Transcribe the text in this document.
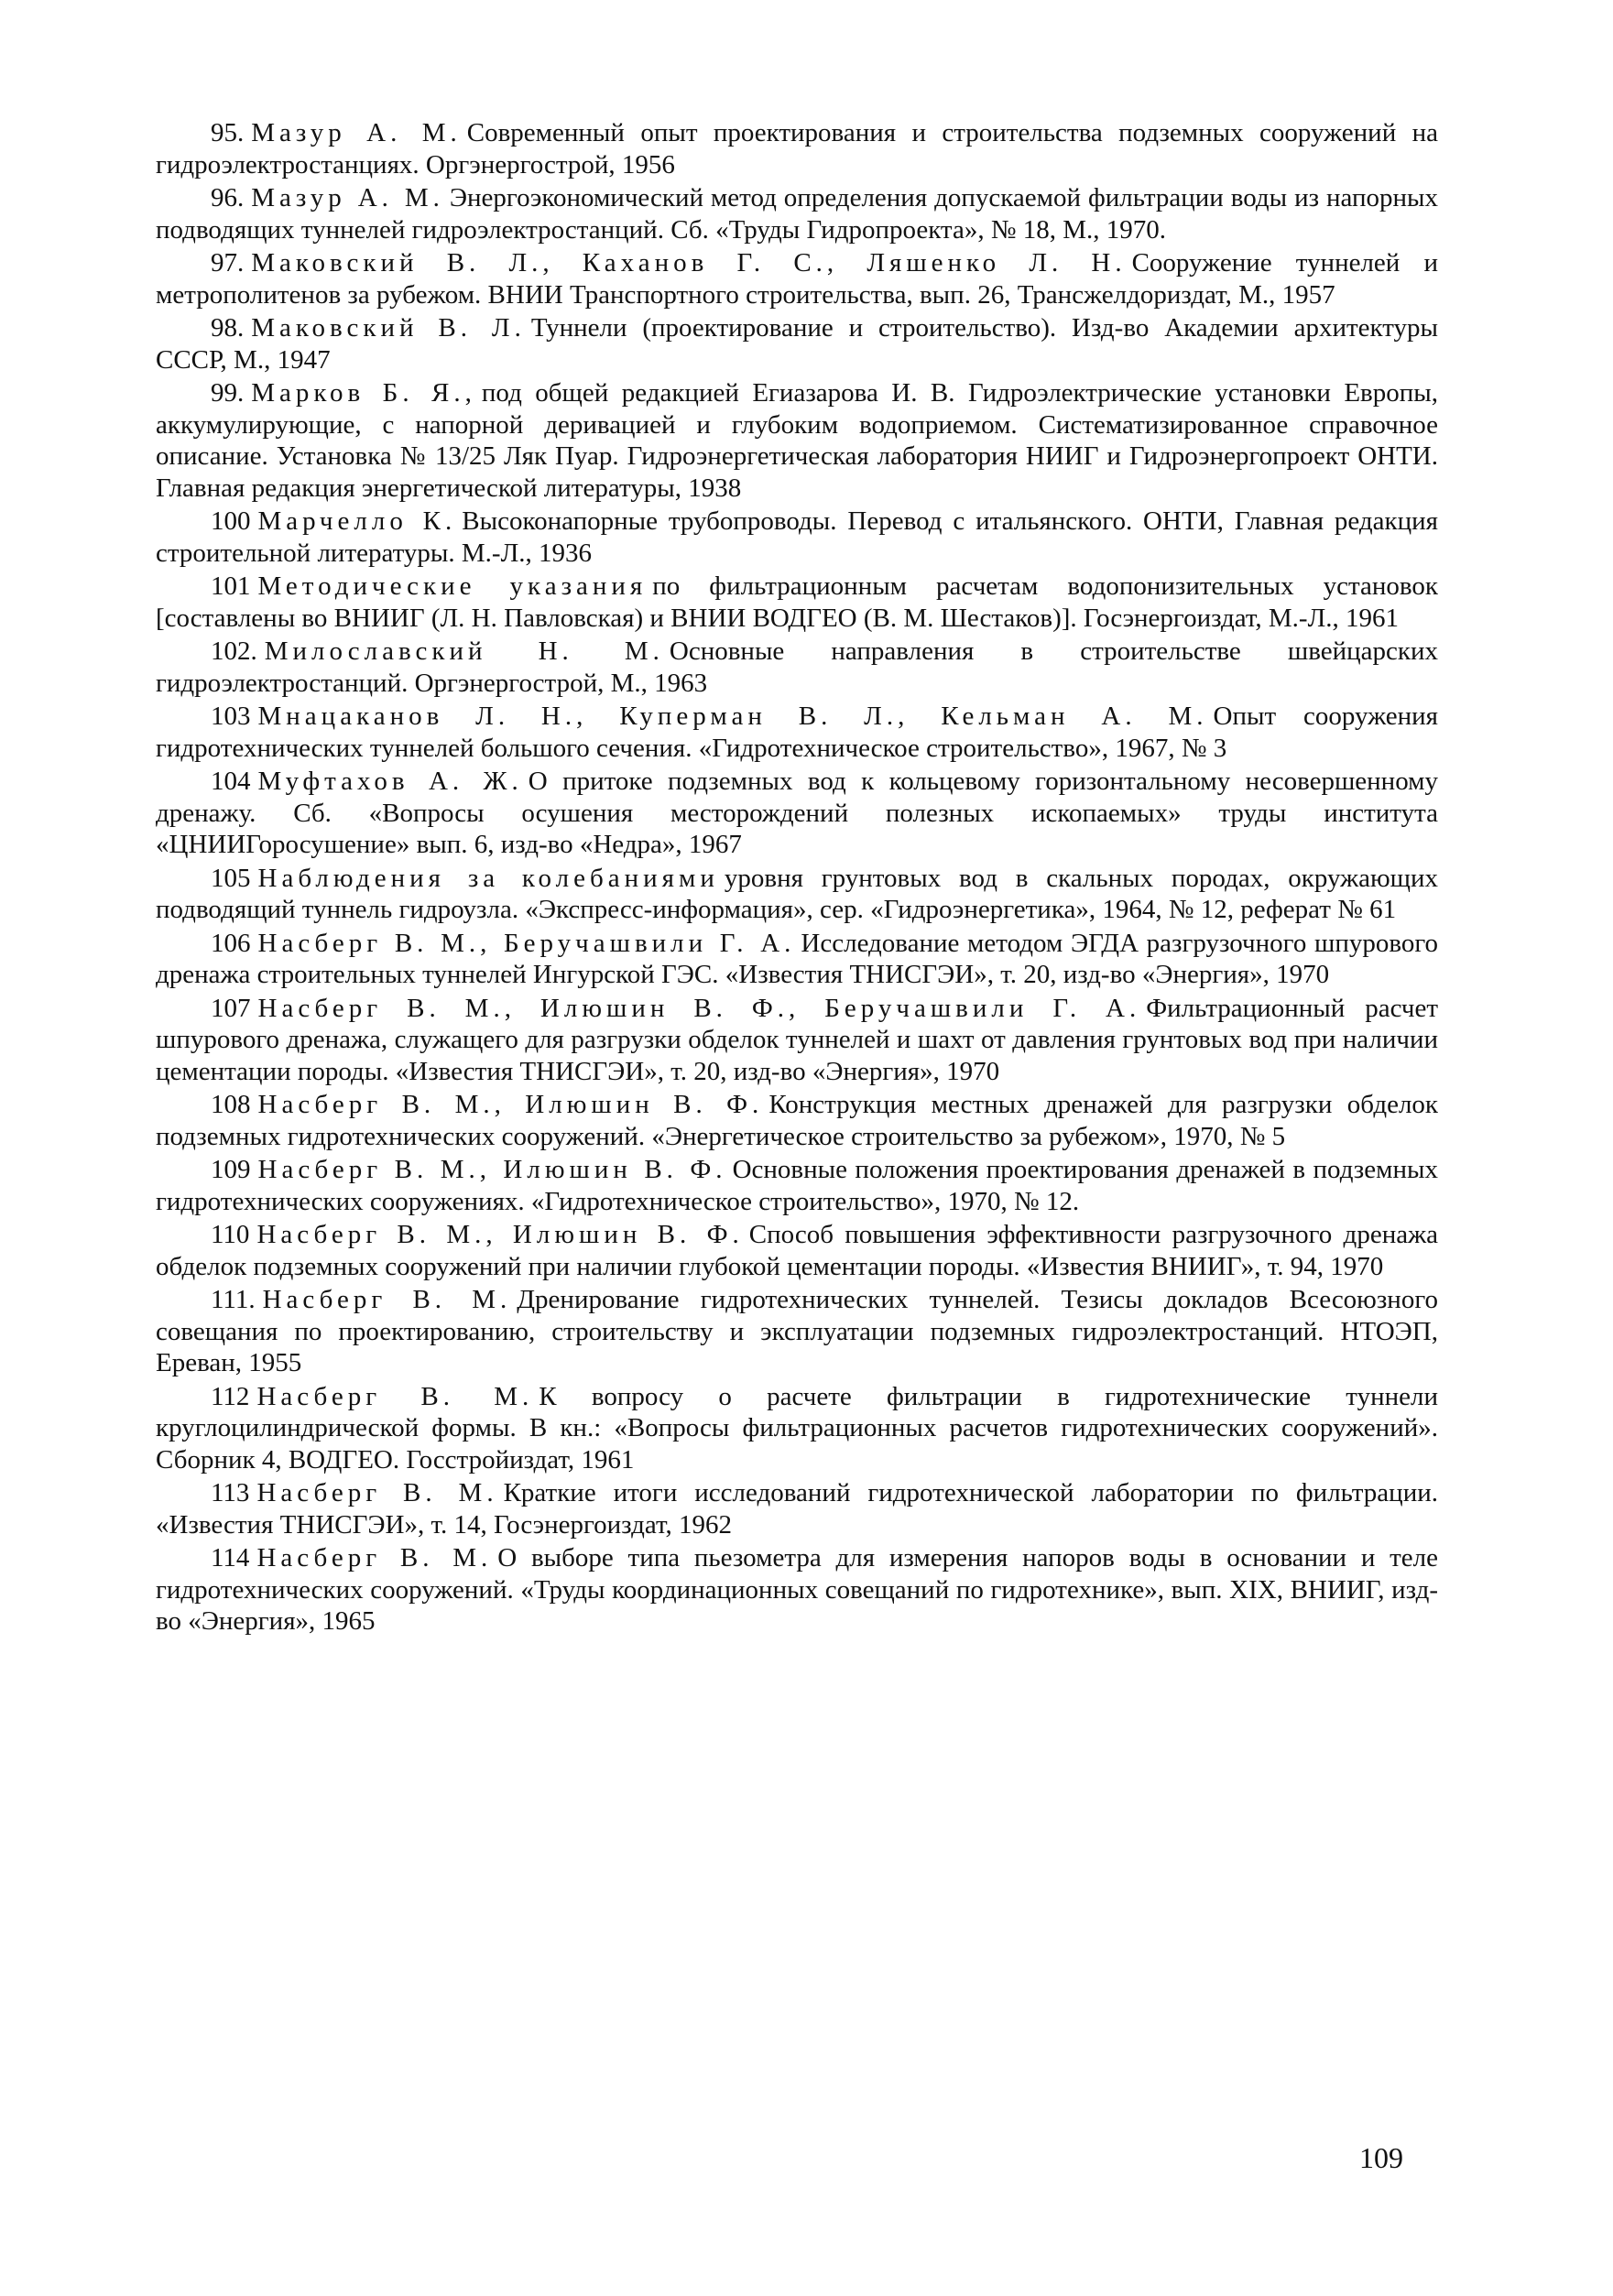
95. Мазур А. М. Современный опыт проектирования и строительства подземных сооружений на гидроэлектростанциях. Оргэнергострой, 1956

96. Мазур А. М. Энергоэкономический метод определения допускаемой фильтрации воды из напорных подводящих туннелей гидроэлектростанций. Сб. «Труды Гидропроекта», № 18, М., 1970.

97. Маковский В. Л., Каханов Г. С., Ляшенко Л. Н. Сооружение туннелей и метрополитенов за рубежом. ВНИИ Транспортного строительства, вып. 26, Трансжелдориздат, М., 1957

98. Маковский В. Л. Туннели (проектирование и строительство). Изд-во Академии архитектуры СССР, М., 1947

99. Марков Б. Я., под общей редакцией Егиазарова И. В. Гидроэлектрические установки Европы, аккумулирующие, с напорной деривацией и глубоким водоприемом. Систематизированное справочное описание. Установка № 13/25 Ляк Пуар. Гидроэнергетическая лаборатория НИИГ и Гидроэнергопроект ОНТИ. Главная редакция энергетической литературы, 1938

100 Марчелло К. Высоконапорные трубопроводы. Перевод с итальянского. ОНТИ, Главная редакция строительной литературы. М.-Л., 1936

101 Методические указания по фильтрационным расчетам водопонизительных установок [составлены во ВНИИГ (Л. Н. Павловская) и ВНИИ ВОДГЕО (В. М. Шестаков)]. Госэнергоиздат, М.-Л., 1961

102. Милославский Н. М. Основные направления в строительстве швейцарских гидроэлектростанций. Оргэнергострой, М., 1963

103 Мнацаканов Л. Н., Куперман В. Л., Кельман А. М. Опыт сооружения гидротехнических туннелей большого сечения. «Гидротехническое строительство», 1967, № 3

104 Муфтахов А. Ж. О притоке подземных вод к кольцевому горизонтальному несовершенному дренажу. Сб. «Вопросы осушения месторождений полезных ископаемых» труды института «ЦНИИГоросушение» вып. 6, изд-во «Недра», 1967

105 Наблюдения за колебаниями уровня грунтовых вод в скальных породах, окружающих подводящий туннель гидроузла. «Экспресс-информация», сер. «Гидроэнергетика», 1964, № 12, реферат № 61

106 Насберг В. М., Беручашвили Г. А. Исследование методом ЭГДА разгрузочного шпурового дренажа строительных туннелей Ингурской ГЭС. «Известия ТНИСГЭИ», т. 20, изд-во «Энергия», 1970

107 Насберг В. М., Илюшин В. Ф., Беручашвили Г. А. Фильтрационный расчет шпурового дренажа, служащего для разгрузки обделок туннелей и шахт от давления грунтовых вод при наличии цементации породы. «Известия ТНИСГЭИ», т. 20, изд-во «Энергия», 1970

108 Насберг В. М., Илюшин В. Ф. Конструкция местных дренажей для разгрузки обделок подземных гидротехнических сооружений. «Энергетическое строительство за рубежом», 1970, № 5

109 Насберг В. М., Илюшин В. Ф. Основные положения проектирования дренажей в подземных гидротехнических сооружениях. «Гидротехническое строительство», 1970, № 12.

110 Насберг В. М., Илюшин В. Ф. Способ повышения эффективности разгрузочного дренажа обделок подземных сооружений при наличии глубокой цементации породы. «Известия ВНИИГ», т. 94, 1970

111. Насберг В. М. Дренирование гидротехнических туннелей. Тезисы докладов Всесоюзного совещания по проектированию, строительству и эксплуатации подземных гидроэлектростанций. НТОЭП, Ереван, 1955

112 Насберг В. М. К вопросу о расчете фильтрации в гидротехнические туннели круглоцилиндрической формы. В кн.: «Вопросы фильтрационных расчетов гидротехнических сооружений». Сборник 4, ВОДГЕО. Госстройиздат, 1961

113 Насберг В. М. Краткие итоги исследований гидротехнической лаборатории по фильтрации. «Известия ТНИСГЭИ», т. 14, Госэнергоиздат, 1962

114 Насберг В. М. О выборе типа пьезометра для измерения напоров воды в основании и теле гидротехнических сооружений. «Труды координационных совещаний по гидротехнике», вып. XIX, ВНИИГ, изд-во «Энергия», 1965

109
